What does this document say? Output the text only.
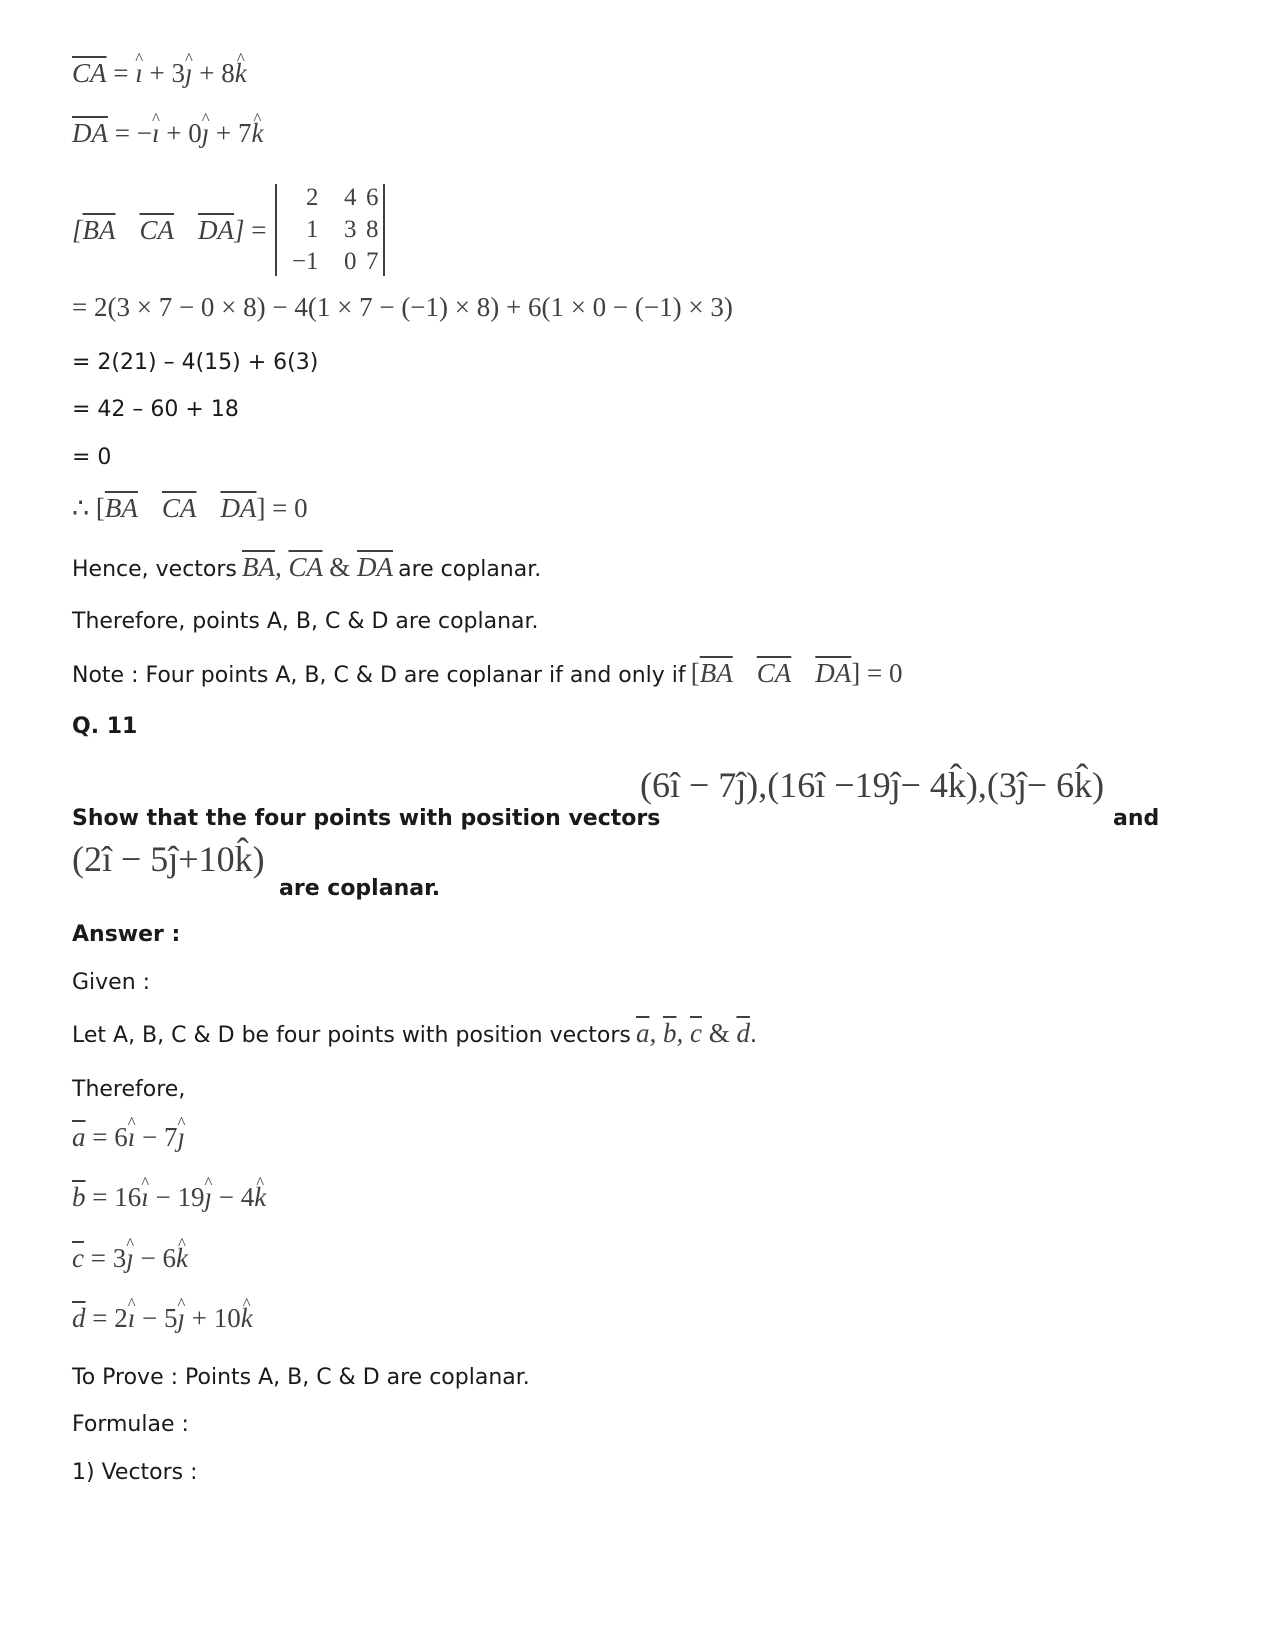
$\overline{CA}$ = ı ^ + 3ȷ ^ + 8k ^
$\overline{DA}$ = −ı ^ + 0ȷ ^ + 7k ^
[$\overline{BA}$ $\overline{CA}$ $\overline{DA}$] =
2	4 6
1	3 8
−1	0 7
= 2(3 × 7 − 0 × 8) − 4(1 × 7 − (−1) × 8) + 6(1 × 0 − (−1) × 3)
= 2(21) – 4(15) + 6(3)
= 42 – 60 + 18
= 0
∴ [$\overline{BA}$ $\overline{CA}$ $\overline{DA}] = 0$
Hence, vectors $\overline{BA}$, $\overline{CA}$ & $\overline{DA}$ are coplanar.
Therefore, points A, B, C & D are coplanar.
Note : Four points A, B, C & D are coplanar if and only if [$\overline{BA}$ $\overline{CA}$ $\overline{DA}] = 0$
Q. 11
Show that the four points with position vectors
(6î − 7ĵ),(16î −19ĵ− 4k̂),(3ĵ− 6k̂)
and
(2î − 5ĵ+10k̂)
are coplanar.
Answer :
Given :
Let A, B, C & D be four points with position vectors $\overline{a}$, $\overline{b}$, $\overline{c}$ & $\overline{d}$.
Therefore,
$\overline{a}$ = 6ı ^ − 7ȷ ^
$\overline{b}$ = 16ı ^ − 19ȷ ^ − 4k ^
$\overline{c}$ = 3ȷ ^ − 6k ^
$\overline{d}$ = 2ı ^ − 5ȷ ^ + 10k ^
To Prove : Points A, B, C & D are coplanar.
Formulae :
1) Vectors :
